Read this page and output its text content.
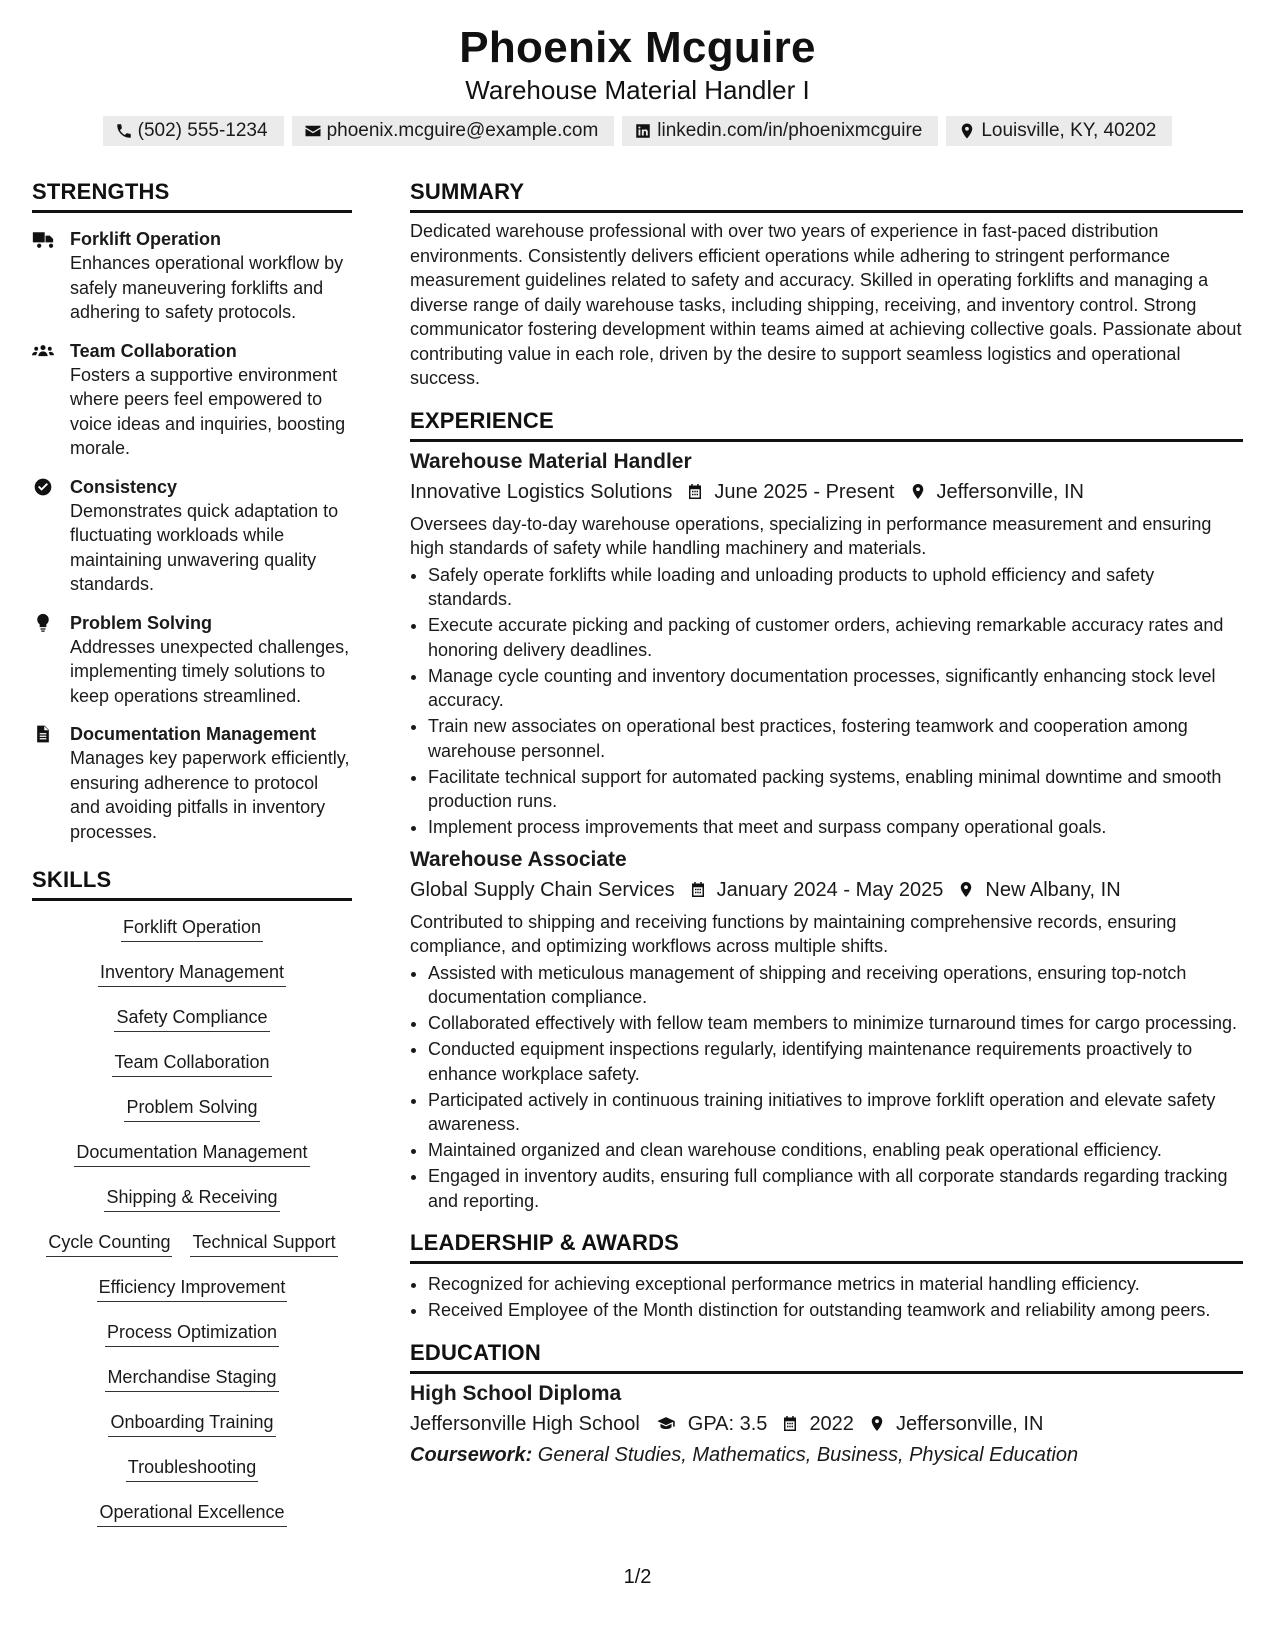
Phoenix Mcguire
Warehouse Material Handler I
(502) 555-1234	phoenix.mcguire@example.com	linkedin.com/in/phoenixmcguire	Louisville, KY, 40202
STRENGTHS
Forklift Operation
Enhances operational workflow by safely maneuvering forklifts and adhering to safety protocols.
Team Collaboration
Fosters a supportive environment where peers feel empowered to voice ideas and inquiries, boosting morale.
Consistency
Demonstrates quick adaptation to fluctuating workloads while maintaining unwavering quality standards.
Problem Solving
Addresses unexpected challenges, implementing timely solutions to keep operations streamlined.
Documentation Management
Manages key paperwork efficiently, ensuring adherence to protocol and avoiding pitfalls in inventory processes.
SKILLS
Forklift Operation
Inventory Management
Safety Compliance
Team Collaboration
Problem Solving
Documentation Management
Shipping & Receiving
Cycle Counting Technical Support
Efficiency Improvement
Process Optimization
Merchandise Staging
Onboarding Training
Troubleshooting
Operational Excellence
SUMMARY
Dedicated warehouse professional with over two years of experience in fast-paced distribution environments. Consistently delivers efficient operations while adhering to stringent performance measurement guidelines related to safety and accuracy. Skilled in operating forklifts and managing a diverse range of daily warehouse tasks, including shipping, receiving, and inventory control. Strong communicator fostering development within teams aimed at achieving collective goals. Passionate about contributing value in each role, driven by the desire to support seamless logistics and operational success.
EXPERIENCE
Warehouse Material Handler
Innovative Logistics Solutions June 2025 - Present Jeffersonville, IN
Oversees day-to-day warehouse operations, specializing in performance measurement and ensuring high standards of safety while handling machinery and materials.
• Safely operate forklifts while loading and unloading products to uphold efficiency and safety standards.
• Execute accurate picking and packing of customer orders, achieving remarkable accuracy rates and honoring delivery deadlines.
• Manage cycle counting and inventory documentation processes, significantly enhancing stock level accuracy.
• Train new associates on operational best practices, fostering teamwork and cooperation among warehouse personnel.
• Facilitate technical support for automated packing systems, enabling minimal downtime and smooth production runs.
• Implement process improvements that meet and surpass company operational goals.
Warehouse Associate
Global Supply Chain Services January 2024 - May 2025 New Albany, IN
Contributed to shipping and receiving functions by maintaining comprehensive records, ensuring compliance, and optimizing workflows across multiple shifts.
• Assisted with meticulous management of shipping and receiving operations, ensuring top-notch documentation compliance.
• Collaborated effectively with fellow team members to minimize turnaround times for cargo processing.
• Conducted equipment inspections regularly, identifying maintenance requirements proactively to enhance workplace safety.
• Participated actively in continuous training initiatives to improve forklift operation and elevate safety awareness.
• Maintained organized and clean warehouse conditions, enabling peak operational efficiency.
• Engaged in inventory audits, ensuring full compliance with all corporate standards regarding tracking and reporting.
LEADERSHIP & AWARDS
• Recognized for achieving exceptional performance metrics in material handling efficiency.
• Received Employee of the Month distinction for outstanding teamwork and reliability among peers.
EDUCATION
High School Diploma
Jeffersonville High School GPA: 3.5 2022 Jeffersonville, IN
Coursework: General Studies, Mathematics, Business, Physical Education
1/2
